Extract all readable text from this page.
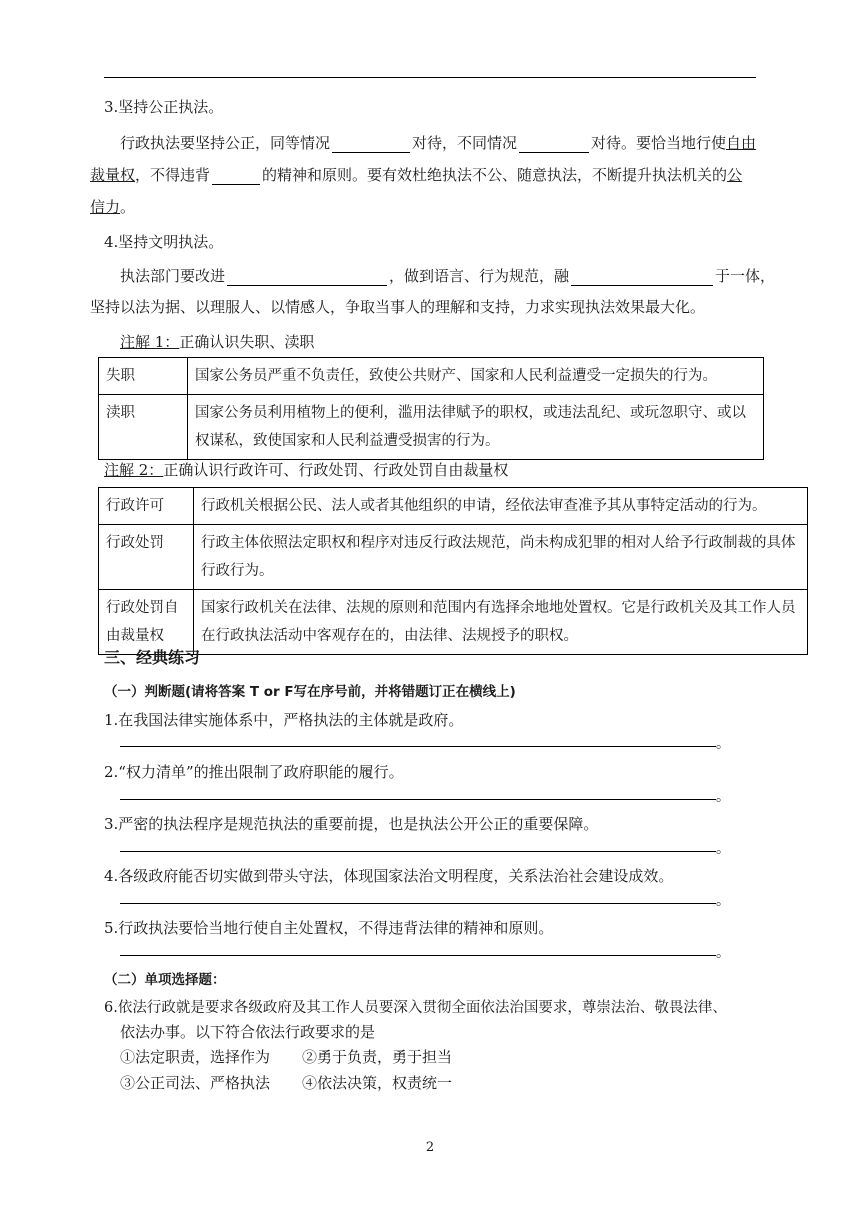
3.坚持公正执法。
行政执法要坚持公正，同等情况	对待，不同情况	对待。要恰当地行使自由
裁量权，不得违背	的精神和原则。要有效杜绝执法不公、随意执法，不断提升执法机关的公
信力。
4.坚持文明执法。
执法部门要改进	，做到语言、行为规范，融	于一体，
坚持以法为据、以理服人、以情感人，争取当事人的理解和支持，力求实现执法效果最大化。
注解 1：正确认识失职、渎职
失职	国家公务员严重不负责任，致使公共财产、国家和人民利益遭受一定损失的行为。
渎职	国家公务员利用植物上的便利，滥用法律赋予的职权，或违法乱纪、或玩忽职守、或以权谋私，致使国家和人民利益遭受损害的行为。
注解 2：正确认识行政许可、行政处罚、行政处罚自由裁量权
行政许可	行政机关根据公民、法人或者其他组织的申请，经依法审查准予其从事特定活动的行为。
行政处罚	行政主体依照法定职权和程序对违反行政法规范，尚未构成犯罪的相对人给予行政制裁的具体行政行为。
行政处罚自由裁量权	国家行政机关在法律、法规的原则和范围内有选择余地地处置权。它是行政机关及其工作人员在行政执法活动中客观存在的，由法律、法规授予的职权。
三、经典练习
（一）判断题(请将答案 T or F写在序号前，并将错题订正在横线上)
1.在我国法律实施体系中，严格执法的主体就是政府。
。
2.“权力清单”的推出限制了政府职能的履行。
。
3.严密的执法程序是规范执法的重要前提，也是执法公开公正的重要保障。
。
4.各级政府能否切实做到带头守法，体现国家法治文明程度，关系法治社会建设成效。
。
5.行政执法要恰当地行使自主处置权，不得违背法律的精神和原则。
。
（二）单项选择题：
6.依法行政就是要求各级政府及其工作人员要深入贯彻全面依法治国要求，尊崇法治、敬畏法律、
依法办事。以下符合依法行政要求的是
①法定职责，选择作为 ②勇于负责，勇于担当
③公正司法、严格执法 ④依法决策，权责统一
2
